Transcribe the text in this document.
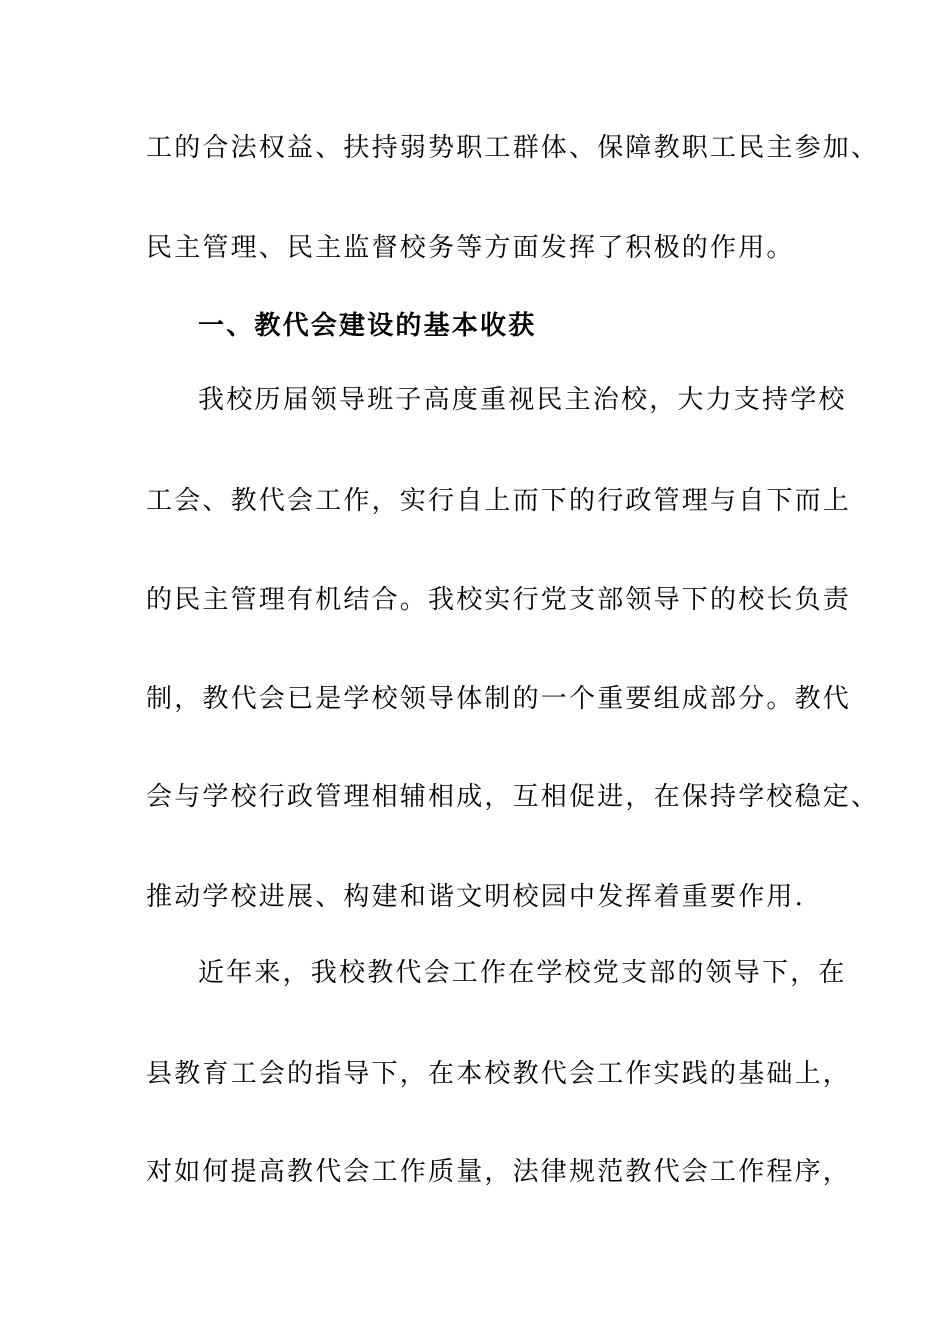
工的合法权益、扶持弱势职工群体、保障教职工民主参加、

民主管理、民主监督校务等方面发挥了积极的作用。

一、教代会建设的基本收获

我校历届领导班子高度重视民主治校，大力支持学校

工会、教代会工作，实行自上而下的行政管理与自下而上

的民主管理有机结合。我校实行党支部领导下的校长负责

制，教代会已是学校领导体制的一个重要组成部分。教代

会与学校行政管理相辅相成，互相促进，在保持学校稳定、

推动学校进展、构建和谐文明校园中发挥着重要作用.

近年来，我校教代会工作在学校党支部的领导下，在

县教育工会的指导下，在本校教代会工作实践的基础上，

对如何提高教代会工作质量，法律规范教代会工作程序，
